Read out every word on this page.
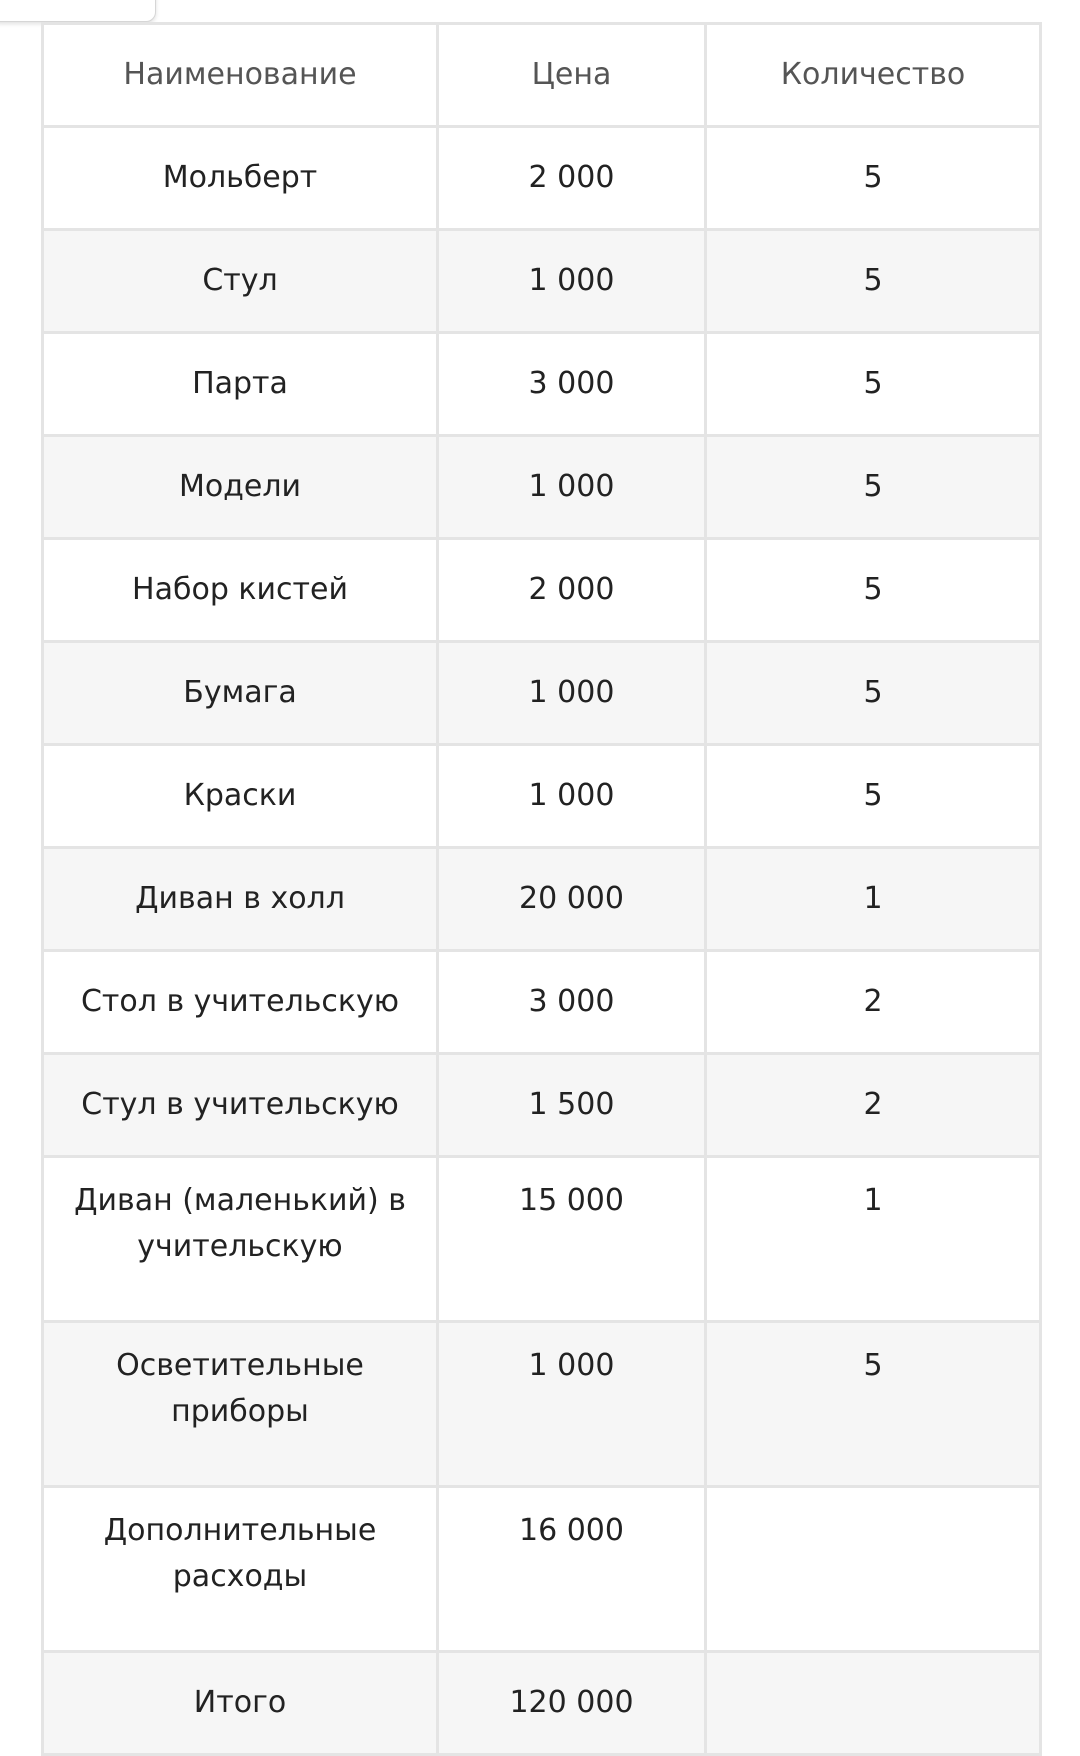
Наименование	Цена	Количество
Мольберт	2 000	5
Стул	1 000	5
Парта	3 000	5
Модели	1 000	5
Набор кистей	2 000	5
Бумага	1 000	5
Краски	1 000	5
Диван в холл	20 000	1
Стол в учительскую	3 000	2
Стул в учительскую	1 500	2
Диван (маленький) в учительскую	15 000	1
Осветительные приборы	1 000	5
Дополнительные расходы	16 000	
Итого	120 000	
